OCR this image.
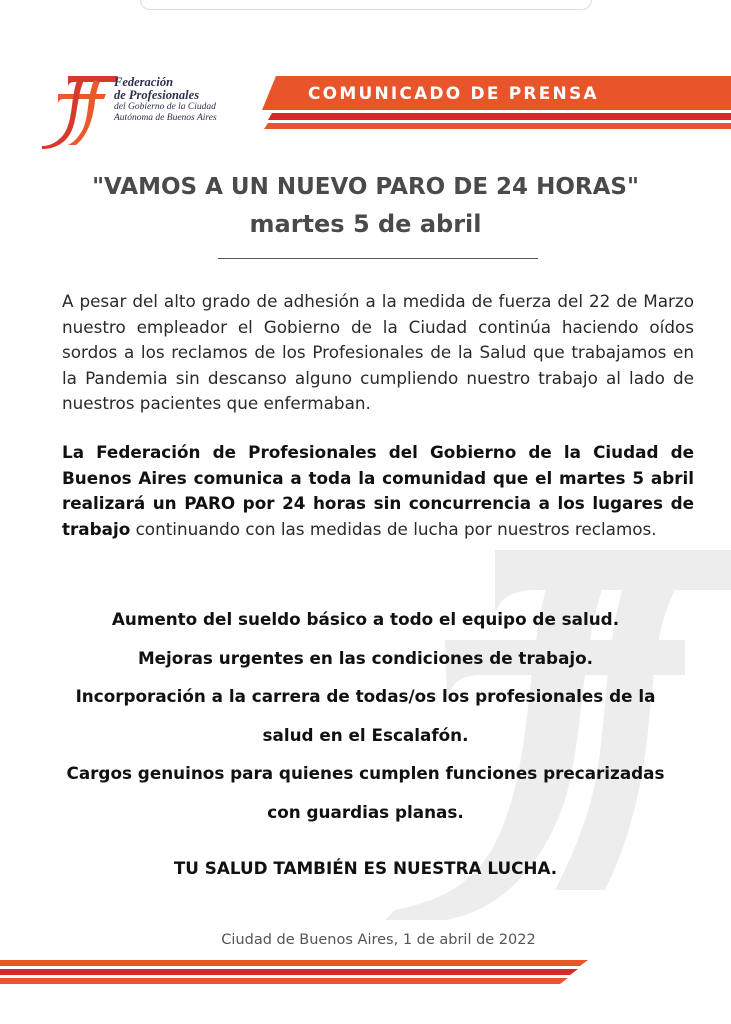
Federación
de Profesionales
del Gobierno de la Ciudad
Autónoma de Buenos Aires
COMUNICADO DE PRENSA
"VAMOS A UN NUEVO PARO DE 24 HORAS"
martes 5 de abril
A pesar del alto grado de adhesión a la medida de fuerza del 22 de Marzo nuestro empleador el Gobierno de la Ciudad continúa haciendo oídos sordos a los reclamos de los Profesionales de la Salud que trabajamos en la Pandemia sin descanso alguno cumpliendo nuestro trabajo al lado de nuestros pacientes que enfermaban.
La Federación de Profesionales del Gobierno de la Ciudad de Buenos Aires comunica a toda la comunidad que el martes 5 abril realizará un PARO por 24 horas sin concurrencia a los lugares de trabajo continuando con las medidas de lucha por nuestros reclamos.
Aumento del sueldo básico a todo el equipo de salud.
Mejoras urgentes en las condiciones de trabajo.
Incorporación a la carrera de todas/os los profesionales de la
salud en el Escalafón.
Cargos genuinos para quienes cumplen funciones precarizadas
con guardias planas.
TU SALUD TAMBIÉN ES NUESTRA LUCHA.
Ciudad de Buenos Aires, 1 de abril de 2022
